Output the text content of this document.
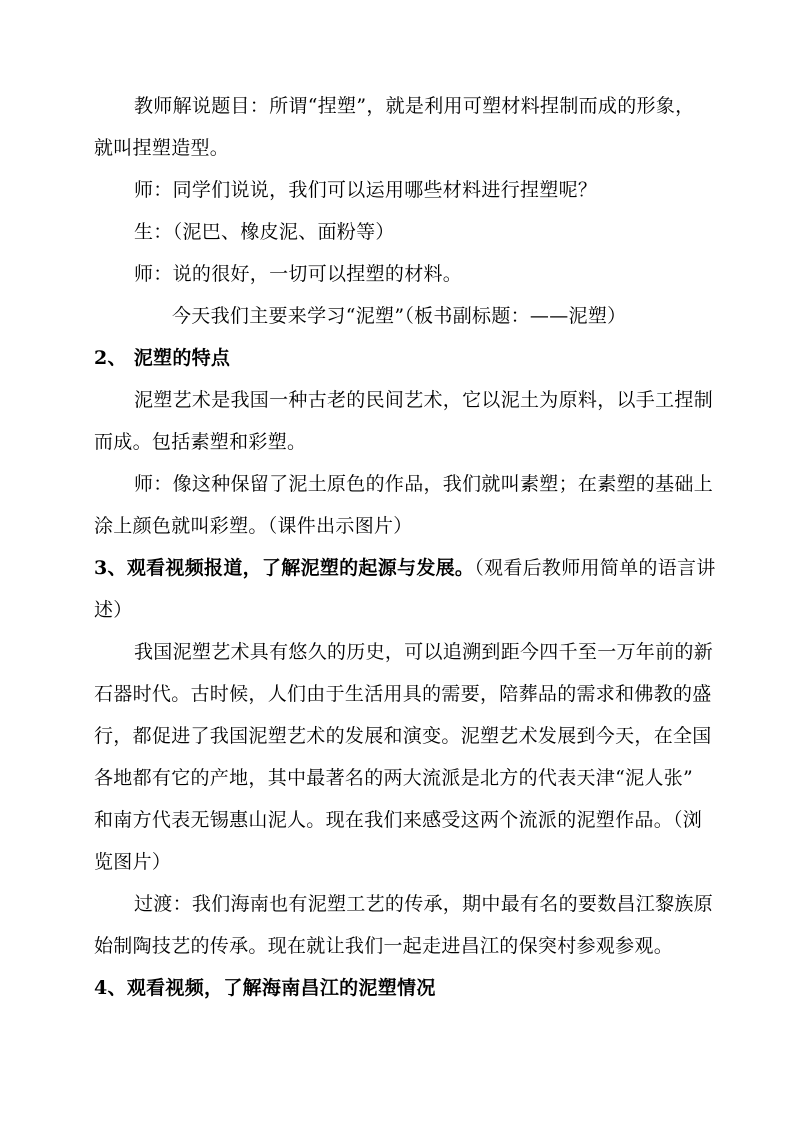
教师解说题目：所谓“捏塑”，就是利用可塑材料捏制而成的形象，
就叫捏塑造型。
师：同学们说说，我们可以运用哪些材料进行捏塑呢？
生：（泥巴、橡皮泥、面粉等）
师：说的很好，一切可以捏塑的材料。
今天我们主要来学习“泥塑”（板书副标题：——泥塑）
2、 泥塑的特点
泥塑艺术是我国一种古老的民间艺术，它以泥土为原料，以手工捏制
而成。包括素塑和彩塑。
师：像这种保留了泥土原色的作品，我们就叫素塑；在素塑的基础上
涂上颜色就叫彩塑。（课件出示图片）
3、观看视频报道，了解泥塑的起源与发展。（观看后教师用简单的语言讲
述）
我国泥塑艺术具有悠久的历史，可以追溯到距今四千至一万年前的新
石器时代。古时候，人们由于生活用具的需要，陪葬品的需求和佛教的盛
行，都促进了我国泥塑艺术的发展和演变。泥塑艺术发展到今天，在全国
各地都有它的产地，其中最著名的两大流派是北方的代表天津“泥人张”
和南方代表无锡惠山泥人。现在我们来感受这两个流派的泥塑作品。（浏
览图片）
过渡：我们海南也有泥塑工艺的传承，期中最有名的要数昌江黎族原
始制陶技艺的传承。现在就让我们一起走进昌江的保突村参观参观。
4、观看视频，了解海南昌江的泥塑情况
